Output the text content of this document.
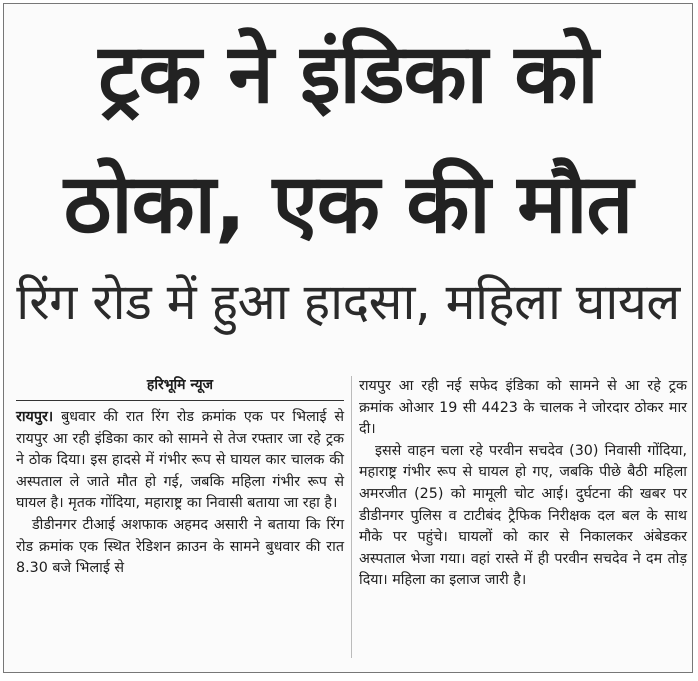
ट्रक ने इंडिका को
ठोका, एक की मौत
रिंग रोड में हुआ हादसा, महिला घायल
हरिभूमि न्यूज

रायपुर। बुधवार की रात रिंग रोड क्रमांक एक पर भिलाई से रायपुर आ रही इंडिका कार को सामने से तेज रफ्तार जा रहे ट्रक ने ठोक दिया। इस हादसे में गंभीर रूप से घायल कार चालक की अस्पताल ले जाते मौत हो गई, जबकि महिला गंभीर रूप से घायल है। मृतक गोंदिया, महाराष्ट्र का निवासी बताया जा रहा है।

डीडीनगर टीआई अशफाक अहमद असारी ने बताया कि रिंग रोड क्रमांक एक स्थित रेडिशन क्राउन के सामने बुधवार की रात 8.30 बजे भिलाई से

रायपुर आ रही नई सफेद इंडिका को सामने से आ रहे ट्रक क्रमांक ओआर 19 सी 4423 के चालक ने जोरदार ठोकर मार दी।

इससे वाहन चला रहे परवीन सचदेव (30) निवासी गोंदिया, महाराष्ट्र गंभीर रूप से घायल हो गए, जबकि पीछे बैठी महिला अमरजीत (25) को मामूली चोट आई। दुर्घटना की खबर पर डीडीनगर पुलिस व टाटीबंद ट्रैफिक निरीक्षक दल बल के साथ मौके पर पहुंचे। घायलों को कार से निकालकर अंबेडकर अस्पताल भेजा गया। वहां रास्ते में ही परवीन सचदेव ने दम तोड़ दिया। महिला का इलाज जारी है।
